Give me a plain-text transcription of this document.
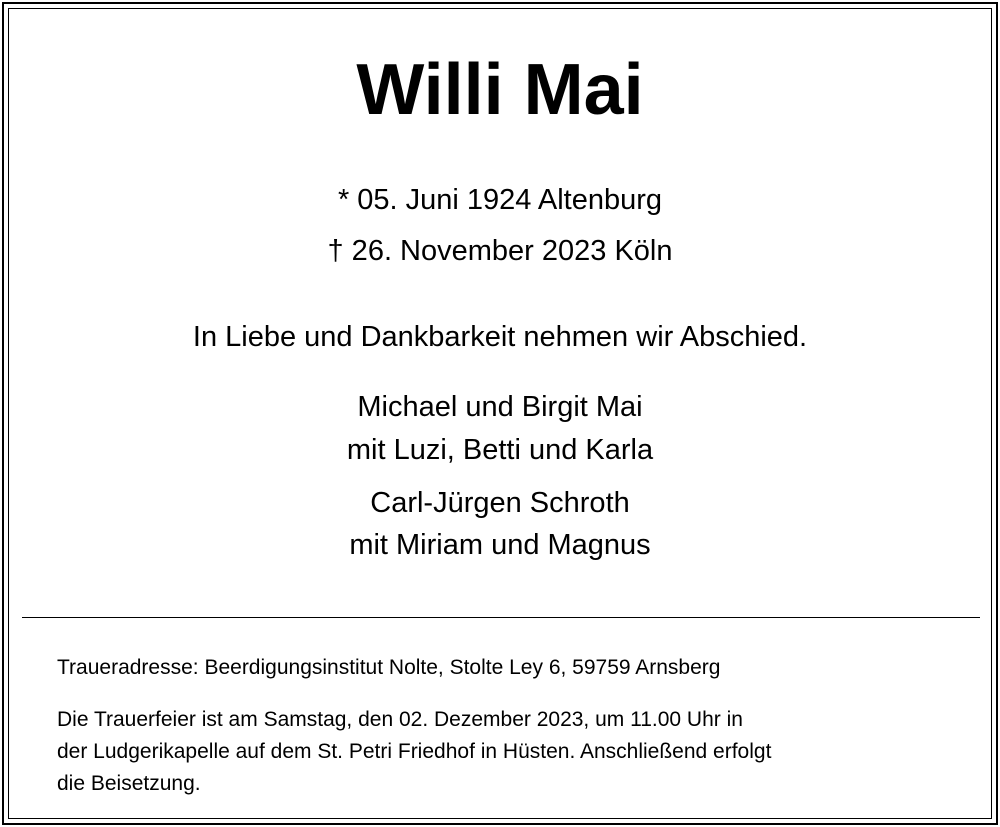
Willi Mai
* 05. Juni 1924 Altenburg
† 26. November 2023 Köln
In Liebe und Dankbarkeit nehmen wir Abschied.
Michael und Birgit Mai
mit Luzi, Betti und Karla
Carl-Jürgen Schroth
mit Miriam und Magnus
Traueradresse: Beerdigungsinstitut Nolte, Stolte Ley 6, 59759 Arnsberg
Die Trauerfeier ist am Samstag, den 02. Dezember 2023, um 11.00 Uhr in
der Ludgerikapelle auf dem St. Petri Friedhof in Hüsten. Anschließend erfolgt
die Beisetzung.
